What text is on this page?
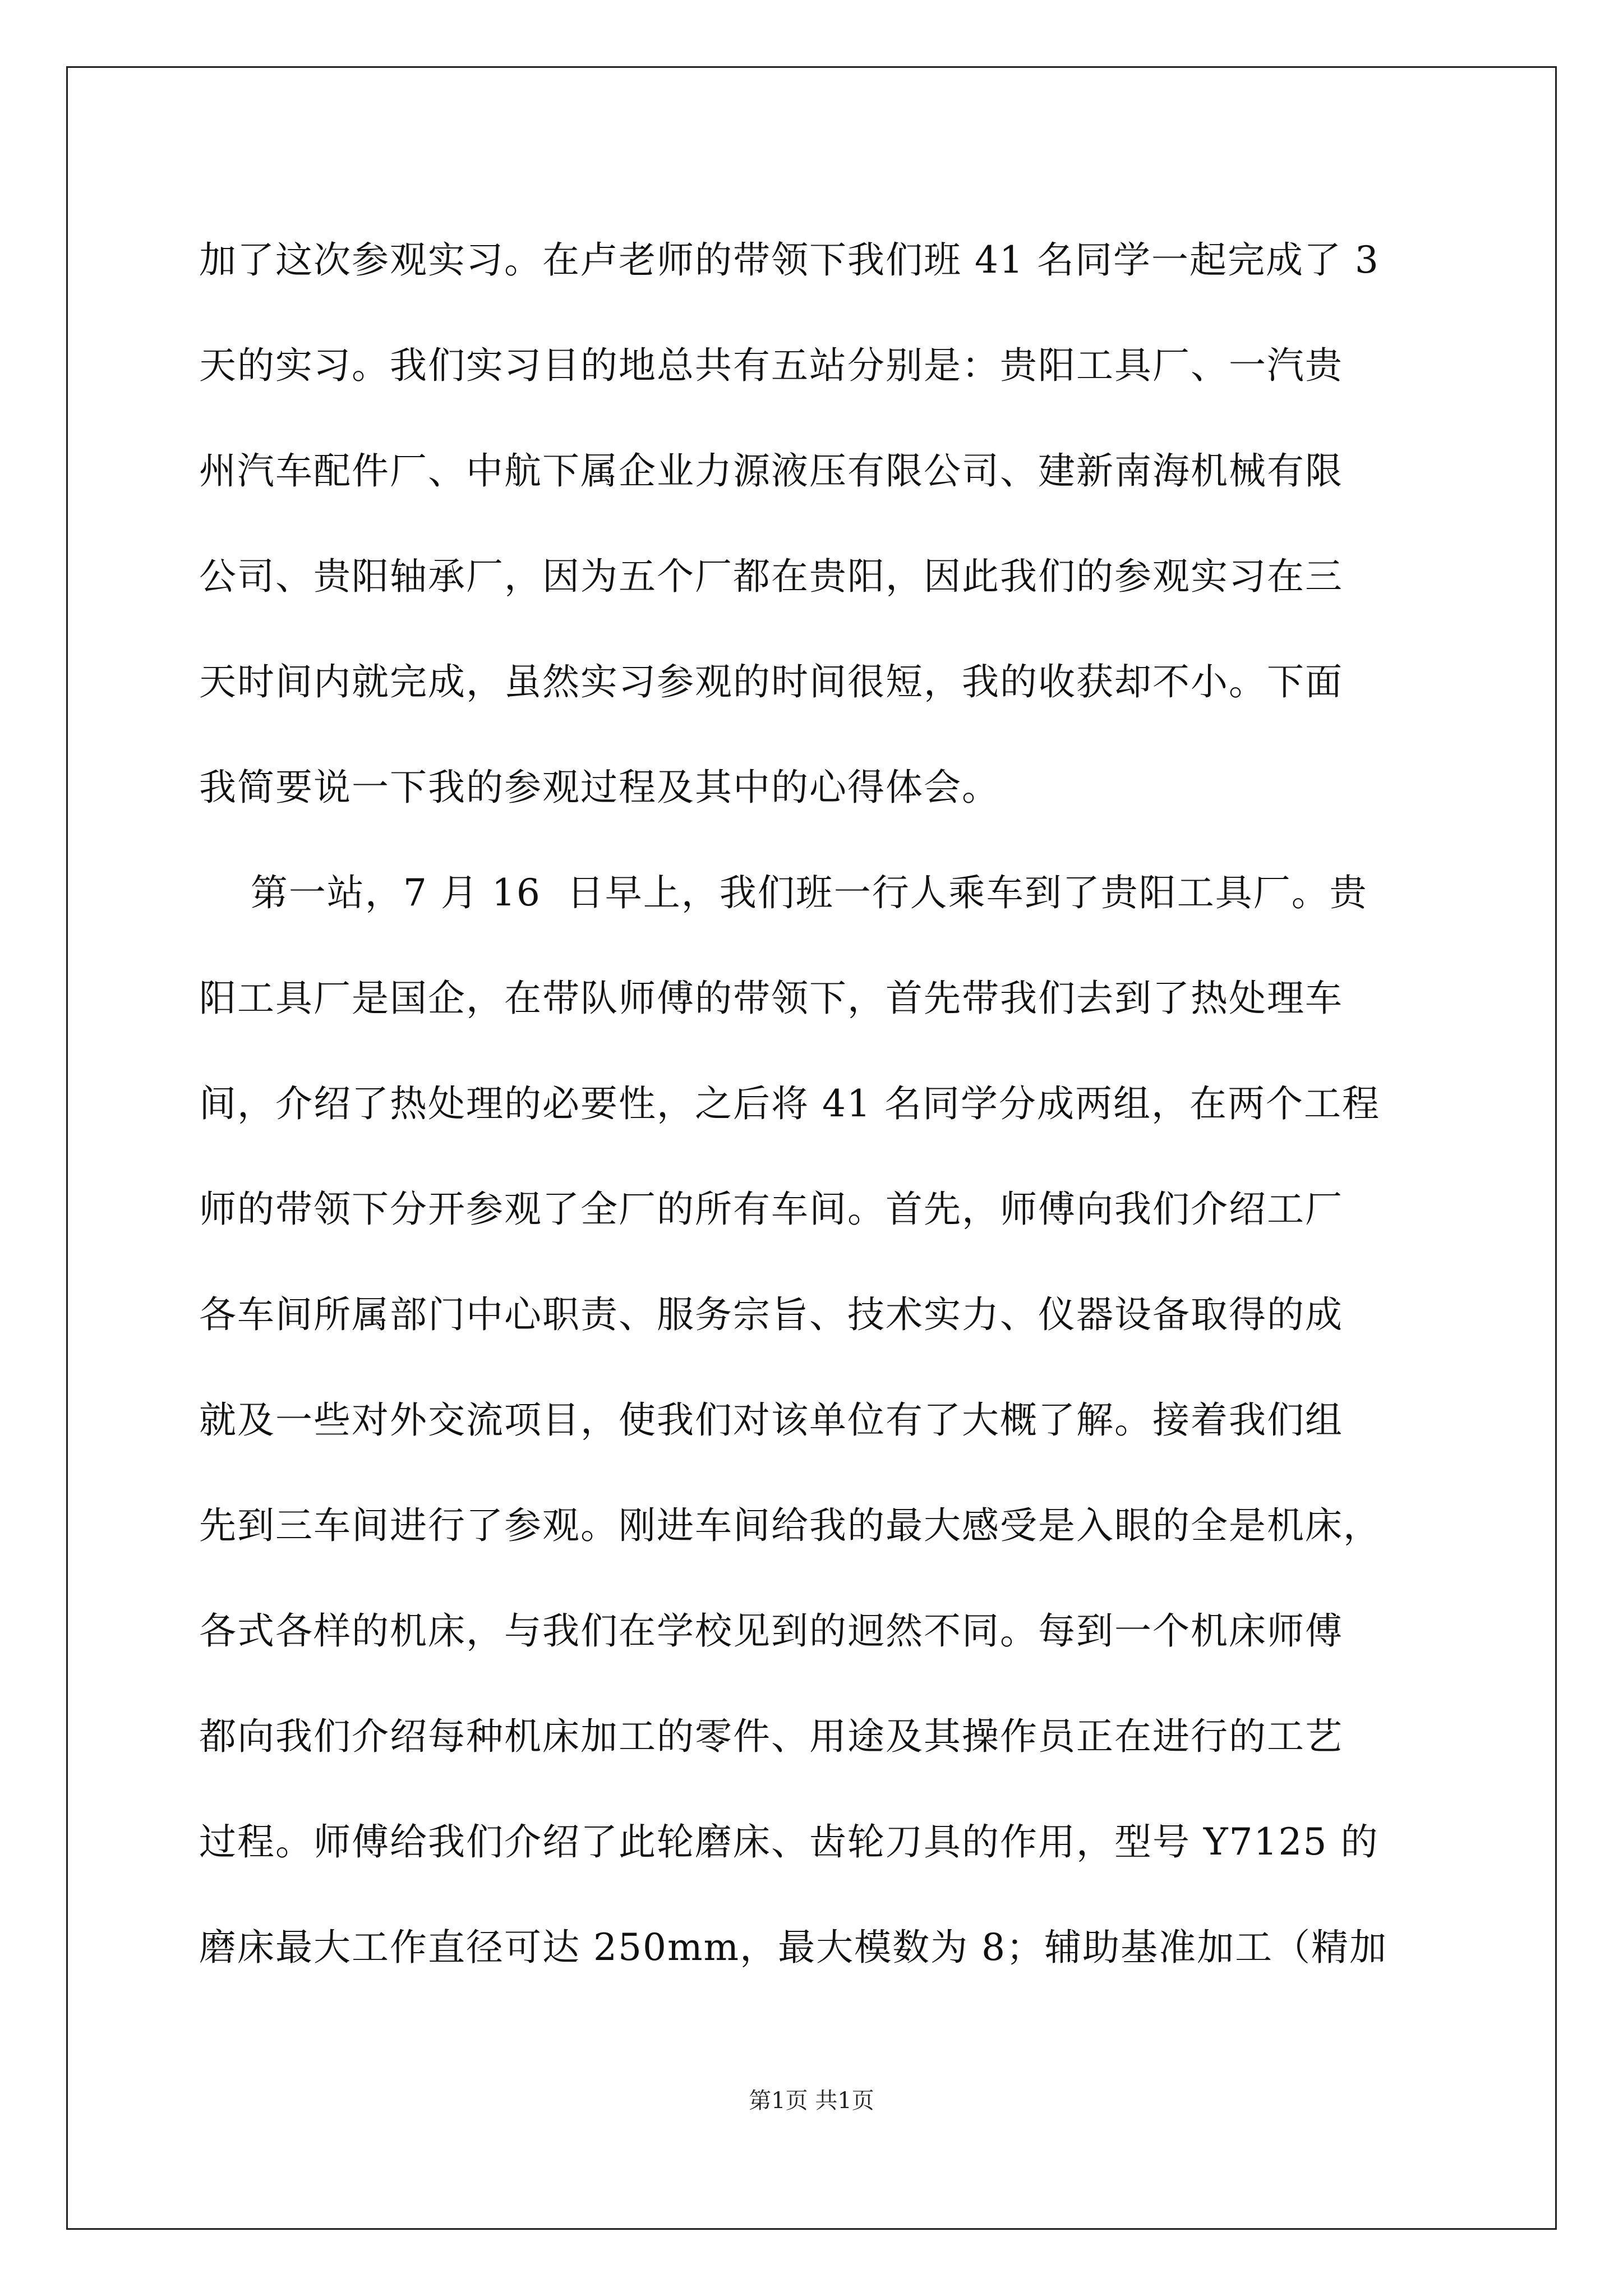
加了这次参观实习。在卢老师的带领下我们班 41 名同学一起完成了 3
天的实习。我们实习目的地总共有五站分别是：贵阳工具厂、一汽贵
州汽车配件厂、中航下属企业力源液压有限公司、建新南海机械有限
公司、贵阳轴承厂，因为五个厂都在贵阳，因此我们的参观实习在三
天时间内就完成，虽然实习参观的时间很短，我的收获却不小。下面
我简要说一下我的参观过程及其中的心得体会。
第一站，7 月 16  日早上，我们班一行人乘车到了贵阳工具厂。贵
阳工具厂是国企，在带队师傅的带领下，首先带我们去到了热处理车
间，介绍了热处理的必要性，之后将 41 名同学分成两组，在两个工程
师的带领下分开参观了全厂的所有车间。首先，师傅向我们介绍工厂
各车间所属部门中心职责、服务宗旨、技术实力、仪器设备取得的成
就及一些对外交流项目，使我们对该单位有了大概了解。接着我们组
先到三车间进行了参观。刚进车间给我的最大感受是入眼的全是机床，
各式各样的机床，与我们在学校见到的迥然不同。每到一个机床师傅
都向我们介绍每种机床加工的零件、用途及其操作员正在进行的工艺
过程。师傅给我们介绍了此轮磨床、齿轮刀具的作用，型号 Y7125 的
磨床最大工作直径可达 250mm，最大模数为 8；辅助基准加工（精加
第1页 共1页
